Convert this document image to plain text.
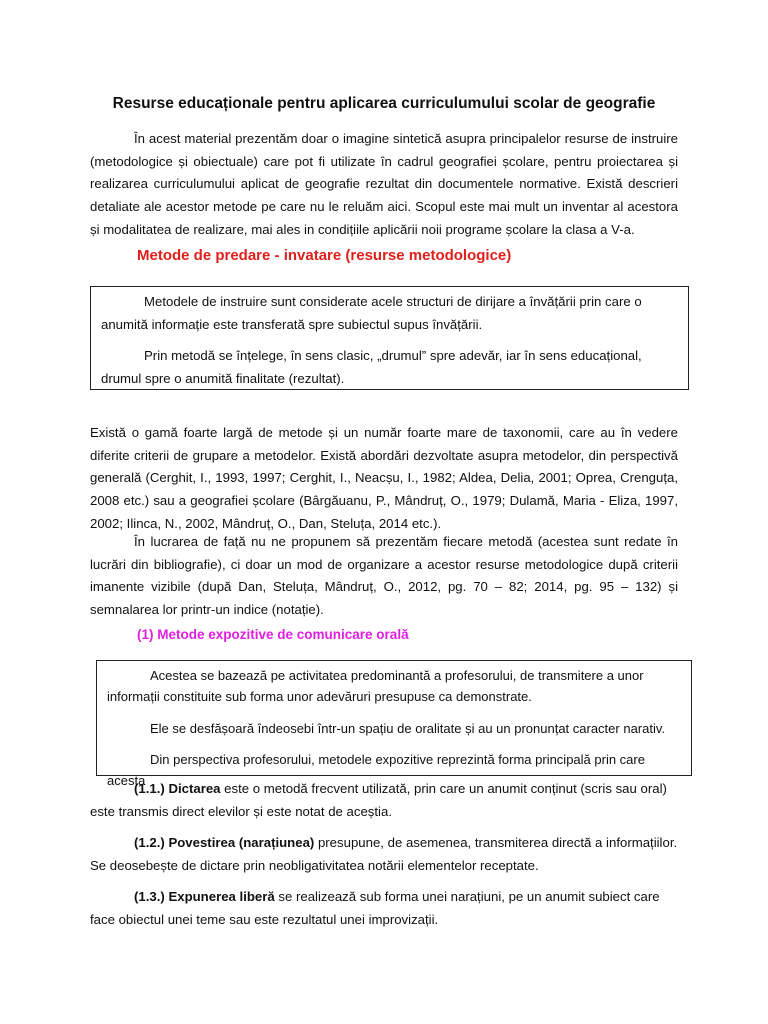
Resurse educaționale pentru aplicarea curriculumului scolar de geografie

În acest material prezentăm doar o imagine sintetică asupra principalelor resurse de instruire (metodologice și obiectuale) care pot fi utilizate în cadrul geografiei școlare, pentru proiectarea și realizarea curriculumului aplicat de geografie rezultat din documentele normative. Există descrieri detaliate ale acestor metode pe care nu le reluăm aici. Scopul este mai mult un inventar al acestora și modalitatea de realizare, mai ales in condițiile aplicării noii programe școlare la clasa a V-a.

Metode de predare - invatare (resurse metodologice)

Metodele de instruire sunt considerate acele structuri de dirijare a învățării prin care o anumită informație este transferată spre subiectul supus învățării.

Prin metodă se înțelege, în sens clasic, „drumul” spre adevăr, iar în sens educațional, drumul spre o anumită finalitate (rezultat).

Există o gamă foarte largă de metode și un număr foarte mare de taxonomii, care au în vedere diferite criterii de grupare a metodelor. Există abordări dezvoltate asupra metodelor, din perspectivă generală (Cerghit, I., 1993, 1997; Cerghit, I., Neacșu, I., 1982; Aldea, Delia, 2001; Oprea, Crenguța, 2008 etc.) sau a geografiei școlare (Bârgăuanu, P., Mândruț, O., 1979; Dulamă, Maria - Eliza, 1997, 2002; Ilinca, N., 2002, Mândruț, O., Dan, Steluța, 2014 etc.).

În lucrarea de față nu ne propunem să prezentăm fiecare metodă (acestea sunt redate în lucrări din bibliografie), ci doar un mod de organizare a acestor resurse metodologice după criterii imanente vizibile (după Dan, Steluța, Mândruț, O., 2012, pg. 70 – 82; 2014, pg. 95 – 132) și semnalarea lor printr-un indice (notație).

(1) Metode expozitive de comunicare orală

Acestea se bazează pe activitatea predominantă a profesorului, de transmitere a unor informații constituite sub forma unor adevăruri presupuse ca demonstrate.

Ele se desfășoară îndeosebi într-un spațiu de oralitate și au un pronunțat caracter narativ.

Din perspectiva profesorului, metodele expozitive reprezintă forma principală prin care acesta

(1.1.) Dictarea este o metodă frecvent utilizată, prin care un anumit conținut (scris sau oral) este transmis direct elevilor și este notat de aceștia.

(1.2.) Povestirea (narațiunea) presupune, de asemenea, transmiterea directă a informațiilor. Se deosebește de dictare prin neobligativitatea notării elementelor receptate.

(1.3.) Expunerea liberă se realizează sub forma unei narațiuni, pe un anumit subiect care face obiectul unei teme sau este rezultatul unei improvizații.
